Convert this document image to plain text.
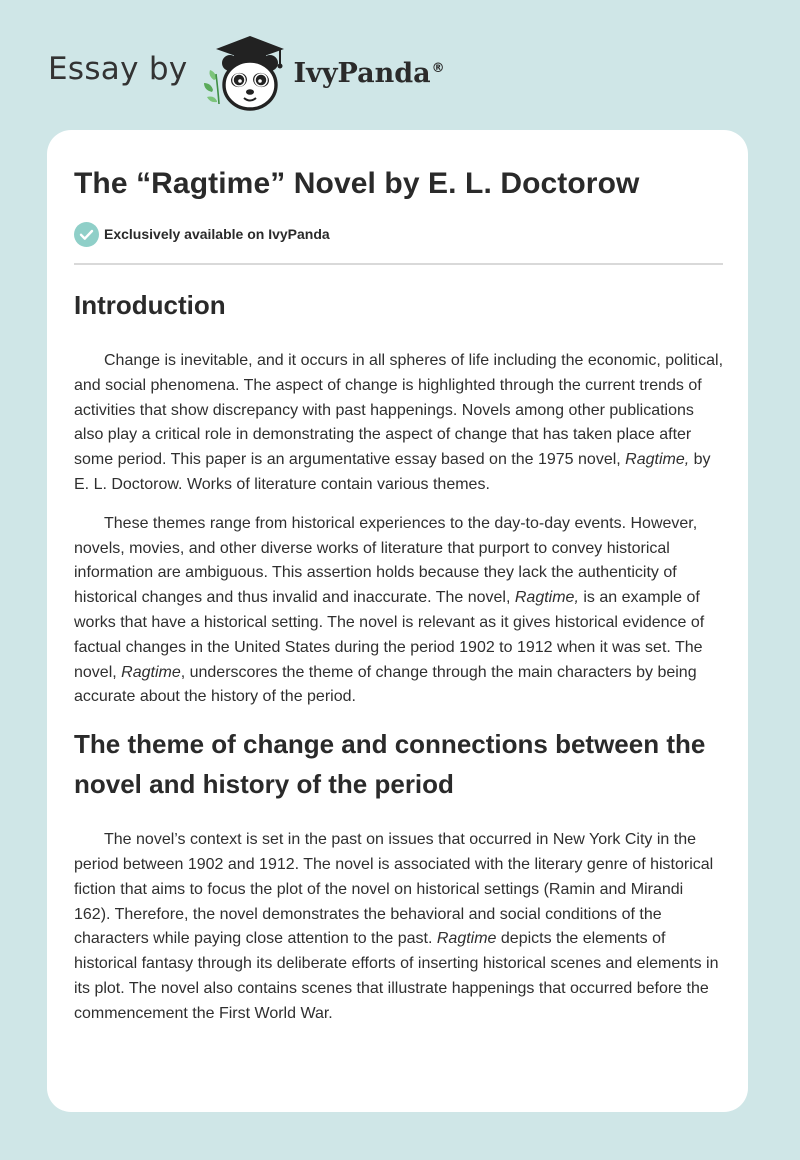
Essay by	IvyPanda®
The “Ragtime” Novel by E. L. Doctorow
Exclusively available on IvyPanda
Introduction

Change is inevitable, and it occurs in all spheres of life including the economic, political, and social phenomena. The aspect of change is highlighted through the current trends of activities that show discrepancy with past happenings. Novels among other publications also play a critical role in demonstrating the aspect of change that has taken place after some period. This paper is an argumentative essay based on the 1975 novel, Ragtime, by E. L. Doctorow. Works of literature contain various themes.

These themes range from historical experiences to the day-to-day events. However, novels, movies, and other diverse works of literature that purport to convey historical information are ambiguous. This assertion holds because they lack the authenticity of historical changes and thus invalid and inaccurate. The novel, Ragtime, is an example of works that have a historical setting. The novel is relevant as it gives historical evidence of factual changes in the United States during the period 1902 to 1912 when it was set. The novel, Ragtime, underscores the theme of change through the main characters by being accurate about the history of the period.

The theme of change and connections between the novel and history of the period

The novel’s context is set in the past on issues that occurred in New York City in the period between 1902 and 1912. The novel is associated with the literary genre of historical fiction that aims to focus the plot of the novel on historical settings (Ramin and Mirandi 162). Therefore, the novel demonstrates the behavioral and social conditions of the characters while paying close attention to the past. Ragtime depicts the elements of historical fantasy through its deliberate efforts of inserting historical scenes and elements in its plot. The novel also contains scenes that illustrate happenings that occurred before the commencement the First World War.
